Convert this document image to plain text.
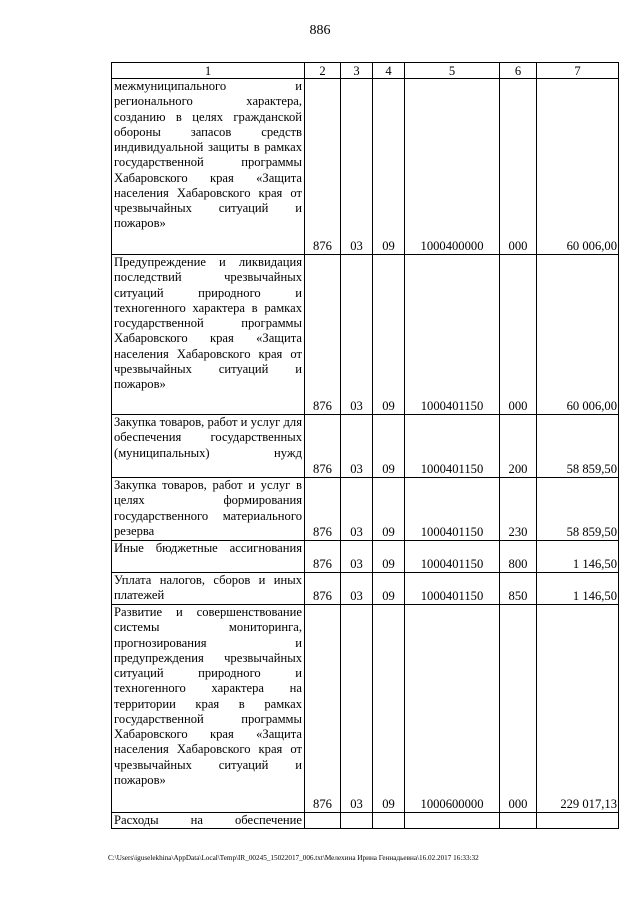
886
1	2	3	4	5	6	7
межмуниципального и регионального характера, созданию в целях гражданской обороны запасов средств индивидуальной защиты в рамках государственной программы Хабаровского края «Защита населения Хабаровского края от чрезвычайных ситуаций и пожаров»	876	03	09	1000400000	000	60 006,00
Предупреждение и ликвидация последствий чрезвычайных ситуаций природного и техногенного характера в рамках государственной программы Хабаровского края «Защита населения Хабаровского края от чрезвычайных ситуаций и пожаров»	876	03	09	1000401150	000	60 006,00
Закупка товаров, работ и услуг для обеспечения государственных (муниципальных) нужд	876	03	09	1000401150	200	58 859,50
Закупка товаров, работ и услуг в целях формирования государственного материального резерва	876	03	09	1000401150	230	58 859,50
Иные бюджетные ассигнования	876	03	09	1000401150	800	1 146,50
Уплата налогов, сборов и иных платежей	876	03	09	1000401150	850	1 146,50
Развитие и совершенствование системы мониторинга, прогнозирования и предупреждения чрезвычайных ситуаций природного и техногенного характера на территории края в рамках государственной программы Хабаровского края «Защита населения Хабаровского края от чрезвычайных ситуаций и пожаров»	876	03	09	1000600000	000	229 017,13
Расходы на обеспечение						
C:\Users\iguselekhina\AppData\Local\Temp\IR_00245_15022017_006.txt\Мелехина Ирина Геннадьевна\16.02.2017 16:33:32
